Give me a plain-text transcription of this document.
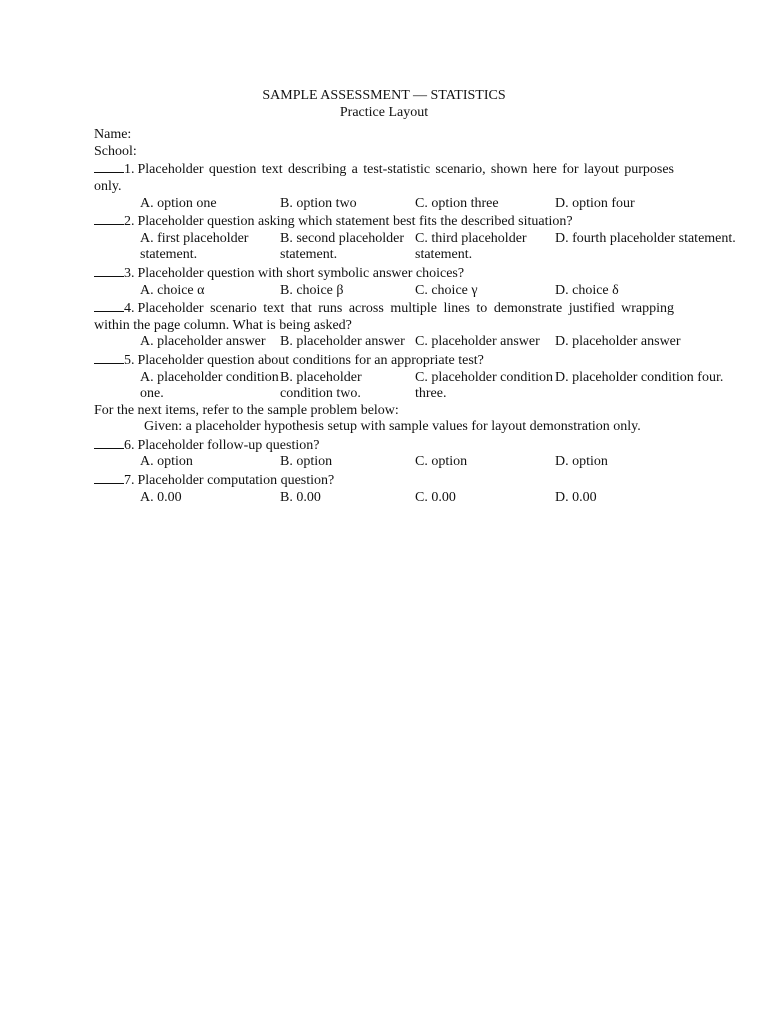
SAMPLE ASSESSMENT — STATISTICS
Practice Layout
Name:
School:
1. Placeholder question text describing a test-statistic scenario, shown here for layout purposes only.
A. option one	B. option two	C. option three	D. option four
2. Placeholder question asking which statement best fits the described situation?
A. first placeholder statement.
B. second placeholder statement.
C. third placeholder statement.
D. fourth placeholder statement.
3. Placeholder question with short symbolic answer choices?
A. choice α	B. choice β	C. choice γ	D. choice δ
4. Placeholder scenario text that runs across multiple lines to demonstrate justified wrapping within the page column. What is being asked?
A. placeholder answer	B. placeholder answer C. placeholder answer	D. placeholder answer
5. Placeholder question about conditions for an appropriate test?
A. placeholder condition one.
B. placeholder condition two.
C. placeholder condition three.
D. placeholder condition four.
For the next items, refer to the sample problem below:
Given: a placeholder hypothesis setup with sample values for layout demonstration only.
6. Placeholder follow-up question?
A. option	B. option	C. option	D. option
7. Placeholder computation question?
A. 0.00	B. 0.00	C. 0.00	D. 0.00
